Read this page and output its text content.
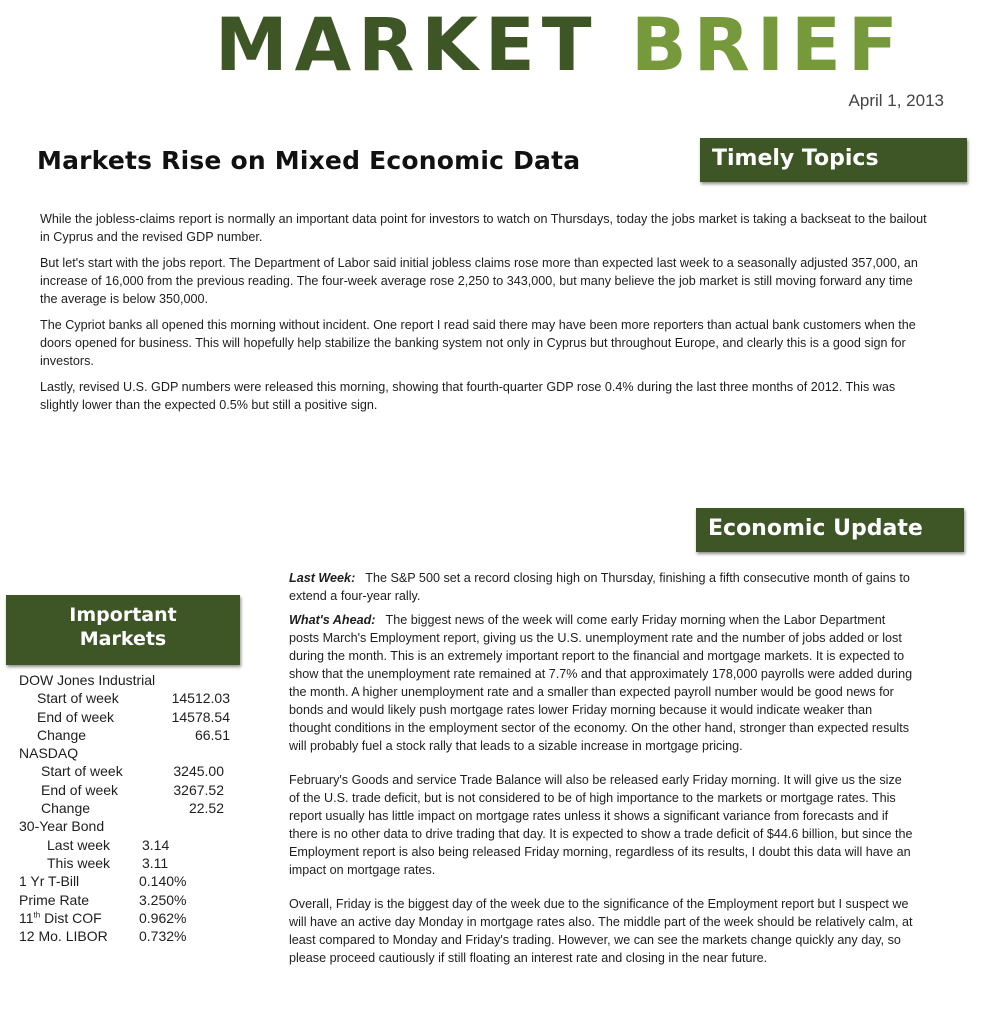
MARKET BRIEF
April 1, 2013
Markets Rise on Mixed Economic Data	Timely Topics

While the jobless-claims report is normally an important data point for investors to watch on Thursdays, today the jobs market is taking a backseat to the bailout in Cyprus and the revised GDP number.

But let's start with the jobs report. The Department of Labor said initial jobless claims rose more than expected last week to a seasonally adjusted 357,000, an increase of 16,000 from the previous reading. The four-week average rose 2,250 to 343,000, but many believe the job market is still moving forward any time the average is below 350,000.

The Cypriot banks all opened this morning without incident. One report I read said there may have been more reporters than actual bank customers when the doors opened for business. This will hopefully help stabilize the banking system not only in Cyprus but throughout Europe, and clearly this is a good sign for investors.

Lastly, revised U.S. GDP numbers were released this morning, showing that fourth-quarter GDP rose 0.4% during the last three months of 2012. This was slightly lower than the expected 0.5% but still a positive sign.

Economic Update
Important
Markets

Last Week: The S&P 500 set a record closing high on Thursday, finishing a fifth consecutive month of gains to extend a four-year rally.

What's Ahead: The biggest news of the week will come early Friday morning when the Labor Department posts March's Employment report, giving us the U.S. unemployment rate and the number of jobs added or lost during the month. This is an extremely important report to the financial and mortgage markets. It is expected to show that the unemployment rate remained at 7.7% and that approximately 178,000 payrolls were added during the month. A higher unemployment rate and a smaller than expected payroll number would be good news for bonds and would likely push mortgage rates lower Friday morning because it would indicate weaker than thought conditions in the employment sector of the economy. On the other hand, stronger than expected results will probably fuel a stock rally that leads to a sizable increase in mortgage pricing.

February's Goods and service Trade Balance will also be released early Friday morning. It will give us the size of the U.S. trade deficit, but is not considered to be of high importance to the markets or mortgage rates. This report usually has little impact on mortgage rates unless it shows a significant variance from forecasts and if there is no other data to drive trading that day. It is expected to show a trade deficit of $44.6 billion, but since the Employment report is also being released Friday morning, regardless of its results, I doubt this data will have an impact on mortgage rates.

Overall, Friday is the biggest day of the week due to the significance of the Employment report but I suspect we will have an active day Monday in mortgage rates also. The middle part of the week should be relatively calm, at least compared to Monday and Friday's trading. However, we can see the markets change quickly any day, so please proceed cautiously if still floating an interest rate and closing in the near future.

DOW Jones Industrial
Start of week	14512.03
End of week	14578.54
Change	66.51
NASDAQ
Start of week	3245.00
End of week	3267.52
Change	22.52
30-Year Bond
Last week 3.14
This week 3.11
1 Yr T-Bill	0.140%
Prime Rate	3.250%
11th Dist COF	0.962%
12 Mo. LIBOR 0.732%
